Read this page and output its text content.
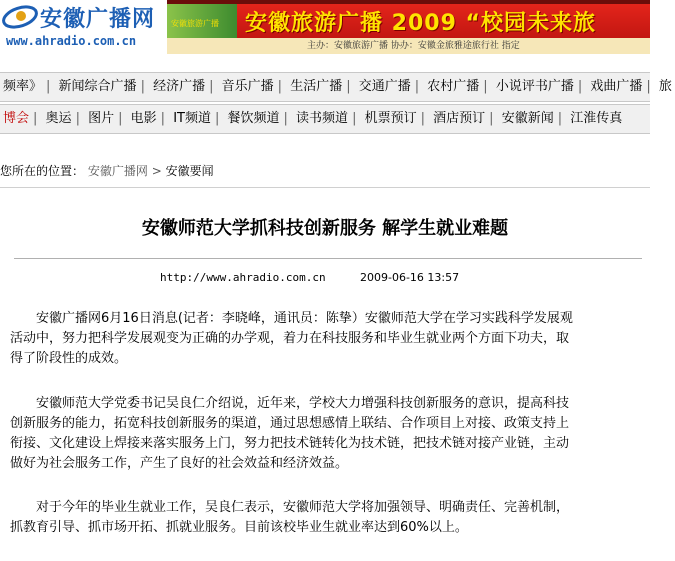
安徽广播网
www.ahradio.com.cn
安徽旅游广播 安徽旅游广播 2009 “校园未来旅
主办：安徽旅游广播 协办：安徽金旅雅途旅行社 指定
频率》 | 新闻综合广播 | 经济广播 | 音乐广播 | 生活广播 | 交通广播 | 农村广播 | 小说评书广播 | 戏曲广播 | 旅
博会 | 奥运 | 图片 | 电影 | IT频道 | 餐饮频道 | 读书频道 | 机票预订 | 酒店预订 | 安徽新闻 | 江淮传真
您所在的位置： 安徽广播网 > 安徽要闻
安徽师范大学抓科技创新服务 解学生就业难题
http://www.ahradio.com.cn	2009-06-16 13:57
安徽广播网6月16日消息(记者：李晓峰，通讯员：陈挚）安徽师范大学在学习实践科学发展观
活动中，努力把科学发展观变为正确的办学观，着力在科技服务和毕业生就业两个方面下功夫，取
得了阶段性的成效。
安徽师范大学党委书记吴良仁介绍说，近年来，学校大力增强科技创新服务的意识，提高科技
创新服务的能力，拓宽科技创新服务的渠道，通过思想感情上联结、合作项目上对接、政策支持上
衔接、文化建设上焊接来落实服务上门，努力把技术链转化为技术链，把技术链对接产业链，主动
做好为社会服务工作，产生了良好的社会效益和经济效益。
对于今年的毕业生就业工作，吴良仁表示，安徽师范大学将加强领导、明确责任、完善机制，
抓教育引导、抓市场开拓、抓就业服务。目前该校毕业生就业率达到60%以上。
